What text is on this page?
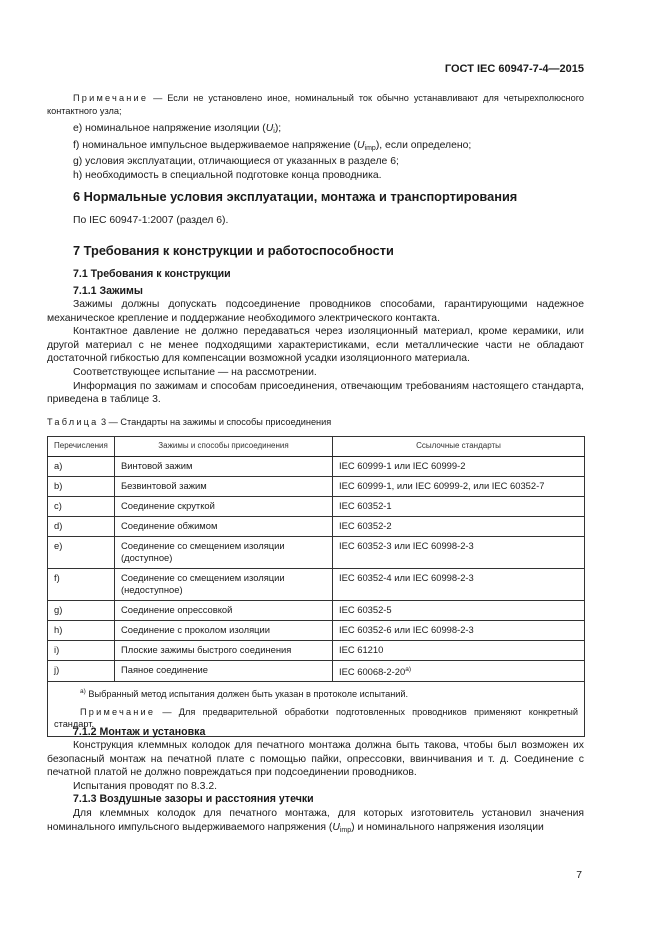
ГОСТ IEC 60947-7-4—2015
Примечание — Если не установлено иное, номинальный ток обычно устанавливают для четырехполюсного контактного узла;
e) номинальное напряжение изоляции $(U_i)$;
f) номинальное импульсное выдерживаемое напряжение $(U_{imp})$, если определено;
g) условия эксплуатации, отличающиеся от указанных в разделе 6;
h) необходимость в специальной подготовке конца проводника.
6 Нормальные условия эксплуатации, монтажа и транспортирования
По IEC 60947-1:2007 (раздел 6).
7 Требования к конструкции и работоспособности
7.1 Требования к конструкции
7.1.1 Зажимы
Зажимы должны допускать подсоединение проводников способами, гарантирующими надежное механическое крепление и поддержание необходимого электрического контакта.
Контактное давление не должно передаваться через изоляционный материал, кроме керамики, или другой материал с не менее подходящими характеристиками, если металлические части не обладают достаточной гибкостью для компенсации возможной усадки изоляционного материала.
Соответствующее испытание — на рассмотрении.
Информация по зажимам и способам присоединения, отвечающим требованиям настоящего стандарта, приведена в таблице 3.
Таблица 3 — Стандарты на зажимы и способы присоединения
Перечисления	Зажимы и способы присоединения	Ссылочные стандарты
a)	Винтовой зажим	IEC 60999-1 или IEC 60999-2
b)	Безвинтовой зажим	IEC 60999-1, или IEC 60999-2, или IEC 60352-7
c)	Соединение скруткой	IEC 60352-1
d)	Соединение обжимом	IEC 60352-2
e)	Соединение со смещением изоляции (доступное)	IEC 60352-3 или IEC 60998-2-3
f)	Соединение со смещением изоляции (недоступное)	IEC 60352-4 или IEC 60998-2-3
g)	Соединение опрессовкой	IEC 60352-5
h)	Соединение с проколом изоляции	IEC 60352-6 или IEC 60998-2-3
i)	Плоские зажимы быстрого соединения	IEC 61210
j)	Паяное соединение	IEC 60068-2-20$^{a)}$

$^{a)}$ Выбранный метод испытания должен быть указан в протоколе испытаний.
Примечание — Для предварительной обработки подготовленных проводников применяют конкретный стандарт.		
7.1.2 Монтаж и установка
Конструкция клеммных колодок для печатного монтажа должна быть такова, чтобы был возможен их безопасный монтаж на печатной плате с помощью пайки, опрессовки, ввинчивания и т. д. Соединение с печатной платой не должно повреждаться при подсоединении проводников.
Испытания проводят по 8.3.2.
7.1.3 Воздушные зазоры и расстояния утечки
Для клеммных колодок для печатного монтажа, для которых изготовитель установил значения номинального импульсного выдерживаемого напряжения $(U_{imp})$ и номинального напряжения изоляции
7
